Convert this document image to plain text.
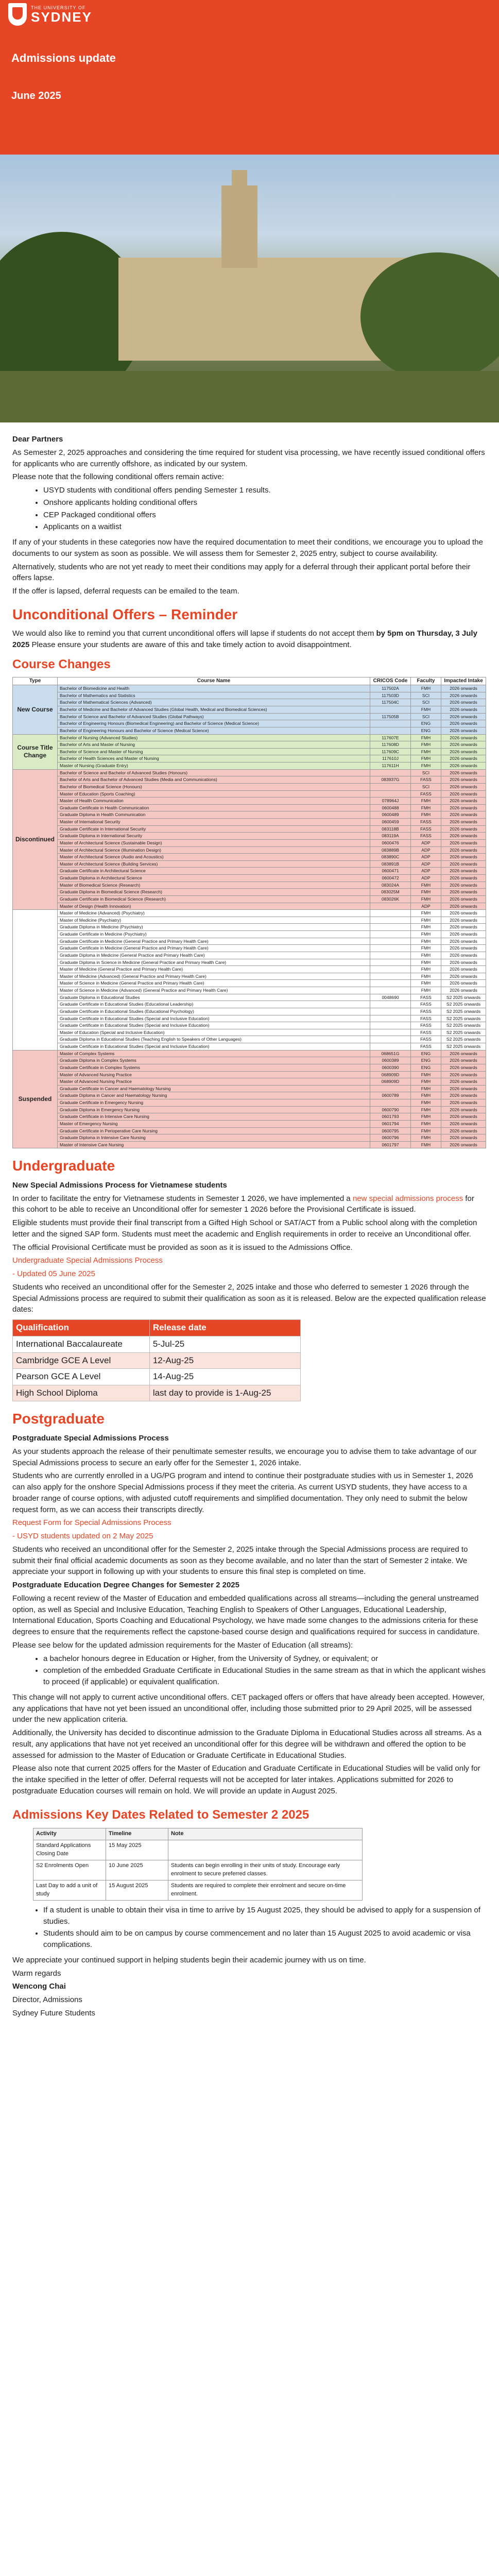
THE UNIVERSITY OF
SYDNEY
Admissions update
June 2025

Dear Partners

As Semester 2, 2025 approaches and considering the time required for student visa processing, we have recently issued conditional offers for applicants who are currently offshore, as indicated by our system.

Please note that the following conditional offers remain active:

• USYD students with conditional offers pending Semester 1 results.
• Onshore applicants holding conditional offers
• CEP Packaged conditional offers
• Applicants on a waitlist

If any of your students in these categories now have the required documentation to meet their conditions, we encourage you to upload the documents to our system as soon as possible. We will assess them for Semester 2, 2025 entry, subject to course availability.

Alternatively, students who are not yet ready to meet their conditions may apply for a deferral through their applicant portal before their offers lapse.

If the offer is lapsed, deferral requests can be emailed to the team.

Unconditional Offers – Reminder

We would also like to remind you that current unconditional offers will lapse if students do not accept them by 5pm on Thursday, 3 July 2025 Please ensure your students are aware of this and take timely action to avoid disappointment.

Course Changes
Type	Course Name	CRICOS Code	Faculty	Impacted Intake
New Course	Bachelor of Biomedicine and Health	117502A	FMH	2026 onwards
	Bachelor of Mathematics and Statistics	117503D	SCI	2026 onwards
	Bachelor of Mathematical Sciences (Advanced)	117504C	SCI	2026 onwards
	Bachelor of Medicine and Bachelor of Advanced Studies (Global Health, Medical and Biomedical Sciences)		FMH	2026 onwards
	Bachelor of Science and Bachelor of Advanced Studies (Global Pathways)	117505B	SCI	2026 onwards
	Bachelor of Engineering Honours (Biomedical Engineering) and Bachelor of Science (Medical Science)		ENG	2026 onwards
	Bachelor of Engineering Honours and Bachelor of Science (Medical Science)		ENG	2026 onwards
Course Title Change	Bachelor of Nursing (Advanced Studies)	117607E	FMH	2026 onwards
	Bachelor of Arts and Master of Nursing	117608D	FMH	2026 onwards
	Bachelor of Science and Master of Nursing	117609C	FMH	2026 onwards
	Bachelor of Health Sciences and Master of Nursing	117610J	FMH	2026 onwards
	Master of Nursing (Graduate Entry)	117611H	FMH	2026 onwards
Discontinued	Bachelor of Science and Bachelor of Advanced Studies (Honours)		SCI	2026 onwards
	Bachelor of Arts and Bachelor of Advanced Studies (Media and Communications)	083937G	FASS	2026 onwards
	Bachelor of Biomedical Science (Honours)		SCI	2026 onwards
	Master of Education (Sports Coaching)		FASS	2026 onwards
	Master of Health Communication	078964J	FMH	2026 onwards
	Graduate Certificate in Health Communication	0600488	FMH	2026 onwards
	Graduate Diploma in Health Communication	0600489	FMH	2026 onwards
	Master of International Security	0600459	FASS	2026 onwards
	Graduate Certificate in International Security	083118B	FASS	2026 onwards
	Graduate Diploma in International Security	083119A	FASS	2026 onwards
	Master of Architectural Science (Sustainable Design)	0600476	ADP	2026 onwards
	Master of Architectural Science (Illumination Design)	083889B	ADP	2026 onwards
	Master of Architectural Science (Audio and Acoustics)	083890C	ADP	2026 onwards
	Master of Architectural Science (Building Services)	083891B	ADP	2026 onwards
	Graduate Certificate in Architectural Science	0600471	ADP	2026 onwards
	Graduate Diploma in Architectural Science	0600472	ADP	2026 onwards
	Master of Biomedical Science (Research)	083024A	FMH	2026 onwards
	Graduate Diploma in Biomedical Science (Research)	083025M	FMH	2026 onwards
	Graduate Certificate in Biomedical Science (Research)	083026K	FMH	2026 onwards
	Master of Design (Health Innovation)		ADP	2026 onwards
	Master of Medicine (Advanced) (Psychiatry)		FMH	2026 onwards
	Master of Medicine (Psychiatry)		FMH	2026 onwards
	Graduate Diploma in Medicine (Psychiatry)		FMH	2026 onwards
	Graduate Certificate in Medicine (Psychiatry)		FMH	2026 onwards
	Graduate Certificate in Medicine (General Practice and Primary Health Care)		FMH	2026 onwards
	Graduate Certificate in Medicine (General Practice and Primary Health Care)		FMH	2026 onwards
	Graduate Diploma in Medicine (General Practice and Primary Health Care)		FMH	2026 onwards
	Graduate Diploma in Science in Medicine (General Practice and Primary Health Care)		FMH	2026 onwards
	Master of Medicine (General Practice and Primary Health Care)		FMH	2026 onwards
	Master of Medicine (Advanced) (General Practice and Primary Health Care)		FMH	2026 onwards
	Master of Science in Medicine (General Practice and Primary Health Care)		FMH	2026 onwards
	Master of Science in Medicine (Advanced) (General Practice and Primary Health Care)		FMH	2026 onwards
	Graduate Diploma in Educational Studies	0048690	FASS	S2 2025 onwards
	Graduate Certificate in Educational Studies (Educational Leadership)		FASS	S2 2025 onwards
	Graduate Certificate in Educational Studies (Educational Psychology)		FASS	S2 2025 onwards
	Graduate Certificate in Educational Studies (Special and Inclusive Education)		FASS	S2 2025 onwards
	Graduate Certificate in Educational Studies (Special and Inclusive Education)		FASS	S2 2025 onwards
	Master of Education (Special and Inclusive Education)		FASS	S2 2025 onwards
	Graduate Diploma in Educational Studies (Teaching English to Speakers of Other Languages)		FASS	S2 2025 onwards
	Graduate Certificate in Educational Studies (Special and Inclusive Education)		FASS	S2 2025 onwards
Suspended	Master of Complex Systems	068651G	ENG	2026 onwards
	Graduate Diploma in Complex Systems	0600389	ENG	2026 onwards
	Graduate Certificate in Complex Systems	0600390	ENG	2026 onwards
	Master of Advanced Nursing Practice	068909D	FMH	2026 onwards
	Master of Advanced Nursing Practice	068909D	FMH	2026 onwards
	Graduate Certificate in Cancer and Haematology Nursing		FMH	2026 onwards
	Graduate Diploma in Cancer and Haematology Nursing	0600789	FMH	2026 onwards
	Graduate Certificate in Emergency Nursing		FMH	2026 onwards
	Graduate Diploma in Emergency Nursing	0600790	FMH	2026 onwards
	Graduate Certificate in Intensive Care Nursing	0601793	FMH	2026 onwards
	Master of Emergency Nursing	0601794	FMH	2026 onwards
	Graduate Certificate in Perioperative Care Nursing	0600795	FMH	2026 onwards
	Graduate Diploma in Intensive Care Nursing	0600796	FMH	2026 onwards
	Master of Intensive Care Nursing	0601797	FMH	2026 onwards
Undergraduate

New Special Admissions Process for Vietnamese students

In order to facilitate the entry for Vietnamese students in Semester 1 2026, we have implemented a new special admissions process for this cohort to be able to receive an Unconditional offer for semester 1 2026 before the Provisional Certificate is issued.

Eligible students must provide their final transcript from a Gifted High School or SAT/ACT from a Public school along with the completion letter and the signed SAP form. Students must meet the academic and English requirements in order to receive an Unconditional offer.

The official Provisional Certificate must be provided as soon as it is issued to the Admissions Office.

Undergraduate Special Admissions Process

- Updated 05 June 2025

Students who received an unconditional offer for the Semester 2, 2025 intake and those who deferred to semester 1 2026 through the Special Admissions process are required to submit their qualification as soon as it is released. Below are the expected qualification release dates:

Qualification	Release date
International Baccalaureate	5-Jul-25
Cambridge GCE A Level	12-Aug-25
Pearson GCE A Level	14-Aug-25
High School Diploma	last day to provide is 1-Aug-25
Postgraduate

Postgraduate Special Admissions Process

As your students approach the release of their penultimate semester results, we encourage you to advise them to take advantage of our Special Admissions process to secure an early offer for the Semester 1, 2026 intake.

Students who are currently enrolled in a UG/PG program and intend to continue their postgraduate studies with us in Semester 1, 2026 can also apply for the onshore Special Admissions process if they meet the criteria. As current USYD students, they have access to a broader range of course options, with adjusted cutoff requirements and simplified documentation. They only need to submit the below request form, as we can access their transcripts directly.

Request Form for Special Admissions Process

- USYD students updated on 2 May 2025

Students who received an unconditional offer for the Semester 2, 2025 intake through the Special Admissions process are required to submit their final official academic documents as soon as they become available, and no later than the start of Semester 2 intake. We appreciate your support in following up with your students to ensure this final step is completed on time.

Postgraduate Education Degree Changes for Semester 2 2025

Following a recent review of the Master of Education and embedded qualifications across all streams—including the general unstreamed option, as well as Special and Inclusive Education, Teaching English to Speakers of Other Languages, Educational Leadership, International Education, Sports Coaching and Educational Psychology, we have made some changes to the admissions criteria for these degrees to ensure that the requirements reflect the capstone-based course design and qualifications required for success in candidature.

Please see below for the updated admission requirements for the Master of Education (all streams):

• a bachelor honours degree in Education or Higher, from the University of Sydney, or equivalent; or
• completion of the embedded Graduate Certificate in Educational Studies in the same stream as that in which the applicant wishes to proceed (if applicable) or equivalent qualification.

This change will not apply to current active unconditional offers. CET packaged offers or offers that have already been accepted. However, any applications that have not yet been issued an unconditional offer, including those submitted prior to 29 April 2025, will be assessed under the new application criteria.

Additionally, the University has decided to discontinue admission to the Graduate Diploma in Educational Studies across all streams. As a result, any applications that have not yet received an unconditional offer for this degree will be withdrawn and offered the option to be assessed for admission to the Master of Education or Graduate Certificate in Educational Studies.

Please also note that current 2025 offers for the Master of Education and Graduate Certificate in Educational Studies will be valid only for the intake specified in the letter of offer. Deferral requests will not be accepted for later intakes. Applications submitted for 2026 to postgraduate Education courses will remain on hold. We will provide an update in August 2025.

Admissions Key Dates Related to Semester 2 2025
Activity	Timeline	Note
Standard Applications Closing Date	15 May 2025	
S2 Enrolments Open	10 June 2025	Students can begin enrolling in their units of study. Encourage early enrolment to secure preferred classes.
Last Day to add a unit of study	15 August 2025	Students are required to complete their enrolment and secure on-time enrolment.
• If a student is unable to obtain their visa in time to arrive by 15 August 2025, they should be advised to apply for a suspension of studies.
• Students should aim to be on campus by course commencement and no later than 15 August 2025 to avoid academic or visa complications.

We appreciate your continued support in helping students begin their academic journey with us on time.

Warm regards

Wencong Chai

Director, Admissions

Sydney Future Students
